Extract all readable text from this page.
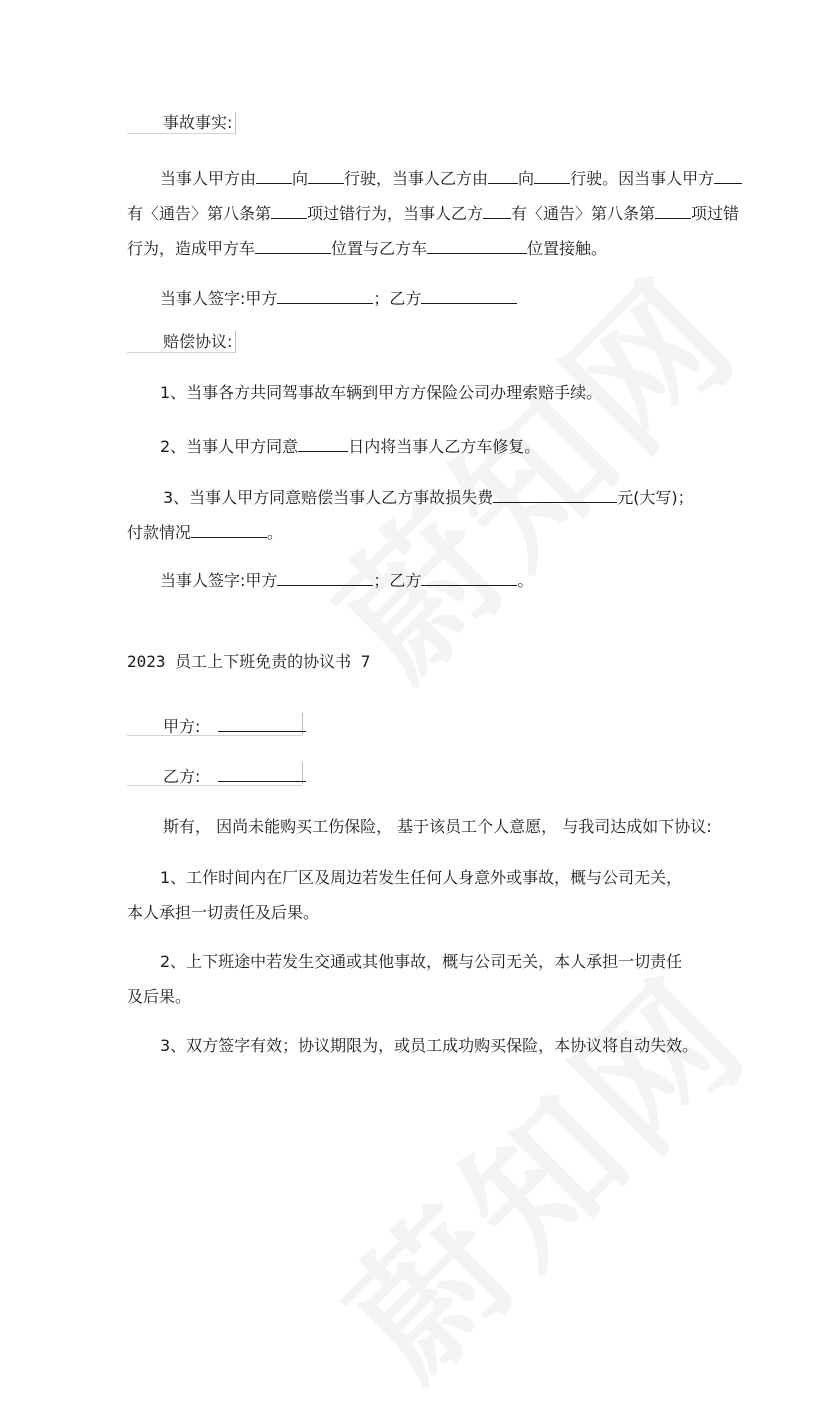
事故事实:
当事人甲方由 向 行驶，当事人乙方由 向 行驶。因当事人甲方
有〈通告〉第八条第 项过错行为，当事人乙方 有〈通告〉第八条第 项过错
行为，造成甲方车	位置与乙方车	位置接触。
当事人签字:甲方	；乙方
赔偿协议:
1、当事各方共同驾事故车辆到甲方方保险公司办理索赔手续。
2、当事人甲方同意	日内将当事人乙方车修复。
3、当事人甲方同意赔偿当事人乙方事故损失费	元(大写)；
付款情况	。
当事人签字:甲方	；乙方	。
2023 员工上下班免责的协议书 7
甲方:
乙方:
斯有， 因尚未能购买工伤保险， 基于该员工个人意愿， 与我司达成如下协议:
1、工作时间内在厂区及周边若发生任何人身意外或事故，概与公司无关，
本人承担一切责任及后果。
2、上下班途中若发生交通或其他事故，概与公司无关，本人承担一切责任
及后果。
3、双方签字有效；协议期限为，或员工成功购买保险，本协议将自动失效。
